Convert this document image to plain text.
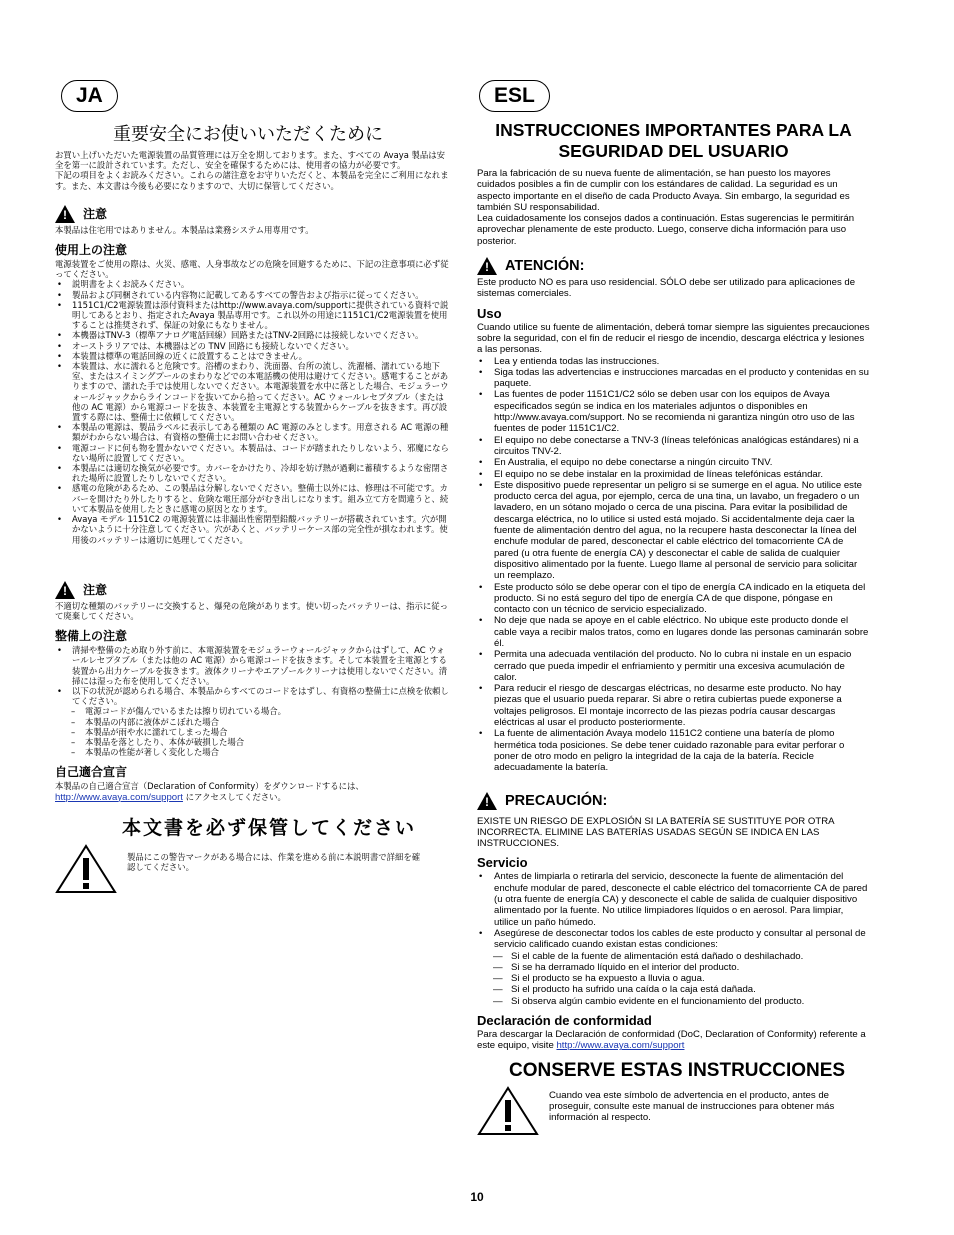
JA
重要安全にお使いいただくために

お買い上げいただいた電源装置の品質管理には万全を期しております。また、すべての Avaya 製品は安全を第一に設計されています。ただし、安全を確保するためには、使用者の協力が必要です。

下記の項目をよくお読みください。これらの諸注意をお守りいただくと、本製品を完全にご利用になれます。また、本文書は今後も必要になりますので、大切に保管してください。

! 注意

本製品は住宅用ではありません。本製品は業務システム用専用です。

使用上の注意

電源装置をご使用の際は、火災、感電、人身事故などの危険を回避するために、下記の注意事項に必ず従ってください。

• 説明書をよくお読みください。
• 製品および同梱されている内容物に記載してあるすべての警告および指示に従ってください。
• 1151C1/C2電源装置は添付資料またはhttp://www.avaya.com/supportに提供されている資料で説明してあるとおり、指定されたAvaya 製品専用です。これ以外の用途に1151C1/C2電源装置を使用することは推奨されず、保証の対象にもなりません。
• 本機器はTNV-3（標準アナログ電話回線）回路またはTNV-2回路には接続しないでください。
• オーストラリアでは、本機器はどの TNV 回路にも接続しないでください。
• 本装置は標準の電話回線の近くに設置することはできません。
• 本装置は、水に濡れると危険です。浴槽のまわり、洗面器、台所の流し、洗濯桶、濡れている地下室、またはスイミングプールのまわりなどでの本電話機の使用は避けてください。感電することがありますので、濡れた手では使用しないでください。本電源装置を水中に落とした場合、モジュラーウォールジャックからラインコードを抜いてから拾ってください。AC ウォールレセプタブル（または他の AC 電源）から電源コードを抜き、本装置を主電源とする装置からケーブルを抜きます。再び設置する際には、整備士に依頼してください。
• 本製品の電源は、製品ラベルに表示してある種類の AC 電源のみとします。用意される AC 電源の種類がわからない場合は、有資格の整備士にお問い合わせください。
• 電源コードに何も物を置かないでください。本製品は、コードが踏まれたりしないよう、邪魔にならない場所に設置してください。
• 本製品には適切な換気が必要です。カバーをかけたり、冷却を妨げ熱が過剰に蓄積するような密閉された場所に設置したりしないでください。
• 感電の危険があるため、この製品は分解しないでください。整備士以外には、修理は不可能です。カバーを開けたり外したりすると、危険な電圧部分がむき出しになります。組み立て方を間違うと、続いて本製品を使用したときに感電の原因となります。
• Avaya モデル 1151C2 の電源装置には非漏出性密閉型鉛酸バッテリーが搭載されています。穴が開かないように十分注意してください。穴があくと、バッテリーケース部の完全性が損なわれます。使用後のバッテリーは適切に処理してください。
! 注意

不適切な種類のバッテリーに交換すると、爆発の危険があります。使い切ったバッテリーは、指示に従って廃棄してください。

整備上の注意
• 清掃や整備のため取り外す前に、本電源装置をモジュラーウォールジャックからはずして、AC ウォールレセプタブル（または他の AC 電源）から電源コードを抜きます。そして本装置を主電源とする装置から出力ケーブルを抜きます。液体クリーナやエアゾールクリーナは使用しないでください。清掃には湿った布を使用してください。
• 以下の状況が認められる場合、本製品からすべてのコードをはずし、有資格の整備士に点検を依頼してください。
– 電源コードが傷んでいるまたは擦り切れている場合。
– 本製品の内部に液体がこぼれた場合
– 本製品が雨や水に濡れてしまった場合
– 本製品を落としたり、本体が破損した場合
– 本製品の性能が著しく変化した場合
自己適合宣言

本製品の自己適合宣言（Declaration of Conformity）をダウンロードするには、http://www.avaya.com/support にアクセスしてください。

本文書を必ず保管してください

製品にこの警告マークがある場合には、作業を進める前に本説明書で詳細を確認してください。

ESL
INSTRUCCIONES IMPORTANTES PARA LA SEGURIDAD DEL USUARIO

Para la fabricación de su nueva fuente de alimentación, se han puesto los mayores cuidados posibles a fin de cumplir con los estándares de calidad. La seguridad es un aspecto importante en el diseño de cada Producto Avaya. Sin embargo, la seguridad es también SU responsabilidad.

Lea cuidadosamente los consejos dados a continuación. Estas sugerencias le permitirán aprovechar plenamente de este producto. Luego, conserve dicha información para uso posterior.

! ATENCIÓN:

Este producto NO es para uso residencial. SÓLO debe ser utilizado para aplicaciones de sistemas comerciales.

Uso

Cuando utilice su fuente de alimentación, deberá tomar siempre las siguientes precauciones sobre la seguridad, con el fin de reducir el riesgo de incendio, descarga eléctrica y lesiones a las personas.

• Lea y entienda todas las instrucciones.
• Siga todas las advertencias e instrucciones marcadas en el producto y contenidas en su paquete.
• Las fuentes de poder 1151C1/C2 sólo se deben usar con los equipos de Avaya especificados según se indica en los materiales adjuntos o disponibles en http://www.avaya.com/support. No se recomienda ni garantiza ningún otro uso de las fuentes de poder 1151C1/C2.
• El equipo no debe conectarse a TNV-3 (líneas telefónicas analógicas estándares) ni a circuitos TNV-2.
• En Australia, el equipo no debe conectarse a ningún circuito TNV.
• El equipo no se debe instalar en la proximidad de líneas telefónicas estándar.
• Este dispositivo puede representar un peligro si se sumerge en el agua. No utilice este producto cerca del agua, por ejemplo, cerca de una tina, un lavabo, un fregadero o un lavadero, en un sótano mojado o cerca de una piscina. Para evitar la posibilidad de descarga eléctrica, no lo utilice si usted está mojado. Si accidentalmente deja caer la fuente de alimentación dentro del agua, no la recupere hasta desconectar la línea del enchufe modular de pared, desconectar el cable eléctrico del tomacorriente CA de pared (u otra fuente de energía CA) y desconectar el cable de salida de cualquier dispositivo alimentado por la fuente. Luego llame al personal de servicio para solicitar un reemplazo.
• Este producto sólo se debe operar con el tipo de energía CA indicado en la etiqueta del producto. Si no está seguro del tipo de energía CA de que dispone, póngase en contacto con un técnico de servicio especializado.
• No deje que nada se apoye en el cable eléctrico. No ubique este producto donde el cable vaya a recibir malos tratos, como en lugares donde las personas caminarán sobre él.
• Permita una adecuada ventilación del producto. No lo cubra ni instale en un espacio cerrado que pueda impedir el enfriamiento y permitir una excesiva acumulación de calor.
• Para reducir el riesgo de descargas eléctricas, no desarme este producto. No hay piezas que el usuario pueda reparar. Si abre o retira cubiertas puede exponerse a voltajes peligrosos. El montaje incorrecto de las piezas podría causar descargas eléctricas al usar el producto posteriormente.
• La fuente de alimentación Avaya modelo 1151C2 contiene una batería de plomo hermética toda posiciones. Se debe tener cuidado razonable para evitar perforar o poner de otro modo en peligro la integridad de la caja de la batería. Recicle adecuadamente la batería.
! PRECAUCIÓN:

EXISTE UN RIESGO DE EXPLOSIÓN SI LA BATERÍA SE SUSTITUYE POR OTRA INCORRECTA. ELIMINE LAS BATERÍAS USADAS SEGÚN SE INDICA EN LAS INSTRUCCIONES.

Servicio
• Antes de limpiarla o retirarla del servicio, desconecte la fuente de alimentación del enchufe modular de pared, desconecte el cable eléctrico del tomacorriente CA de pared (u otra fuente de energía CA) y desconecte el cable de salida de cualquier dispositivo alimentado por la fuente. No utilice limpiadores líquidos o en aerosol. Para limpiar, utilice un paño húmedo.
• Asegúrese de desconectar todos los cables de este producto y consultar al personal de servicio calificado cuando existan estas condiciones:
— Si el cable de la fuente de alimentación está dañado o deshilachado.
— Si se ha derramado líquido en el interior del producto.
— Si el producto se ha expuesto a lluvia o agua.
— Si el producto ha sufrido una caída o la caja está dañada.
— Si observa algún cambio evidente en el funcionamiento del producto.
Declaración de conformidad

Para descargar la Declaración de conformidad (DoC, Declaration of Conformity) referente a este equipo, visite http://www.avaya.com/support

CONSERVE ESTAS INSTRUCCIONES

Cuando vea este símbolo de advertencia en el producto, antes de proseguir, consulte este manual de instrucciones para obtener más información al respecto.

10
